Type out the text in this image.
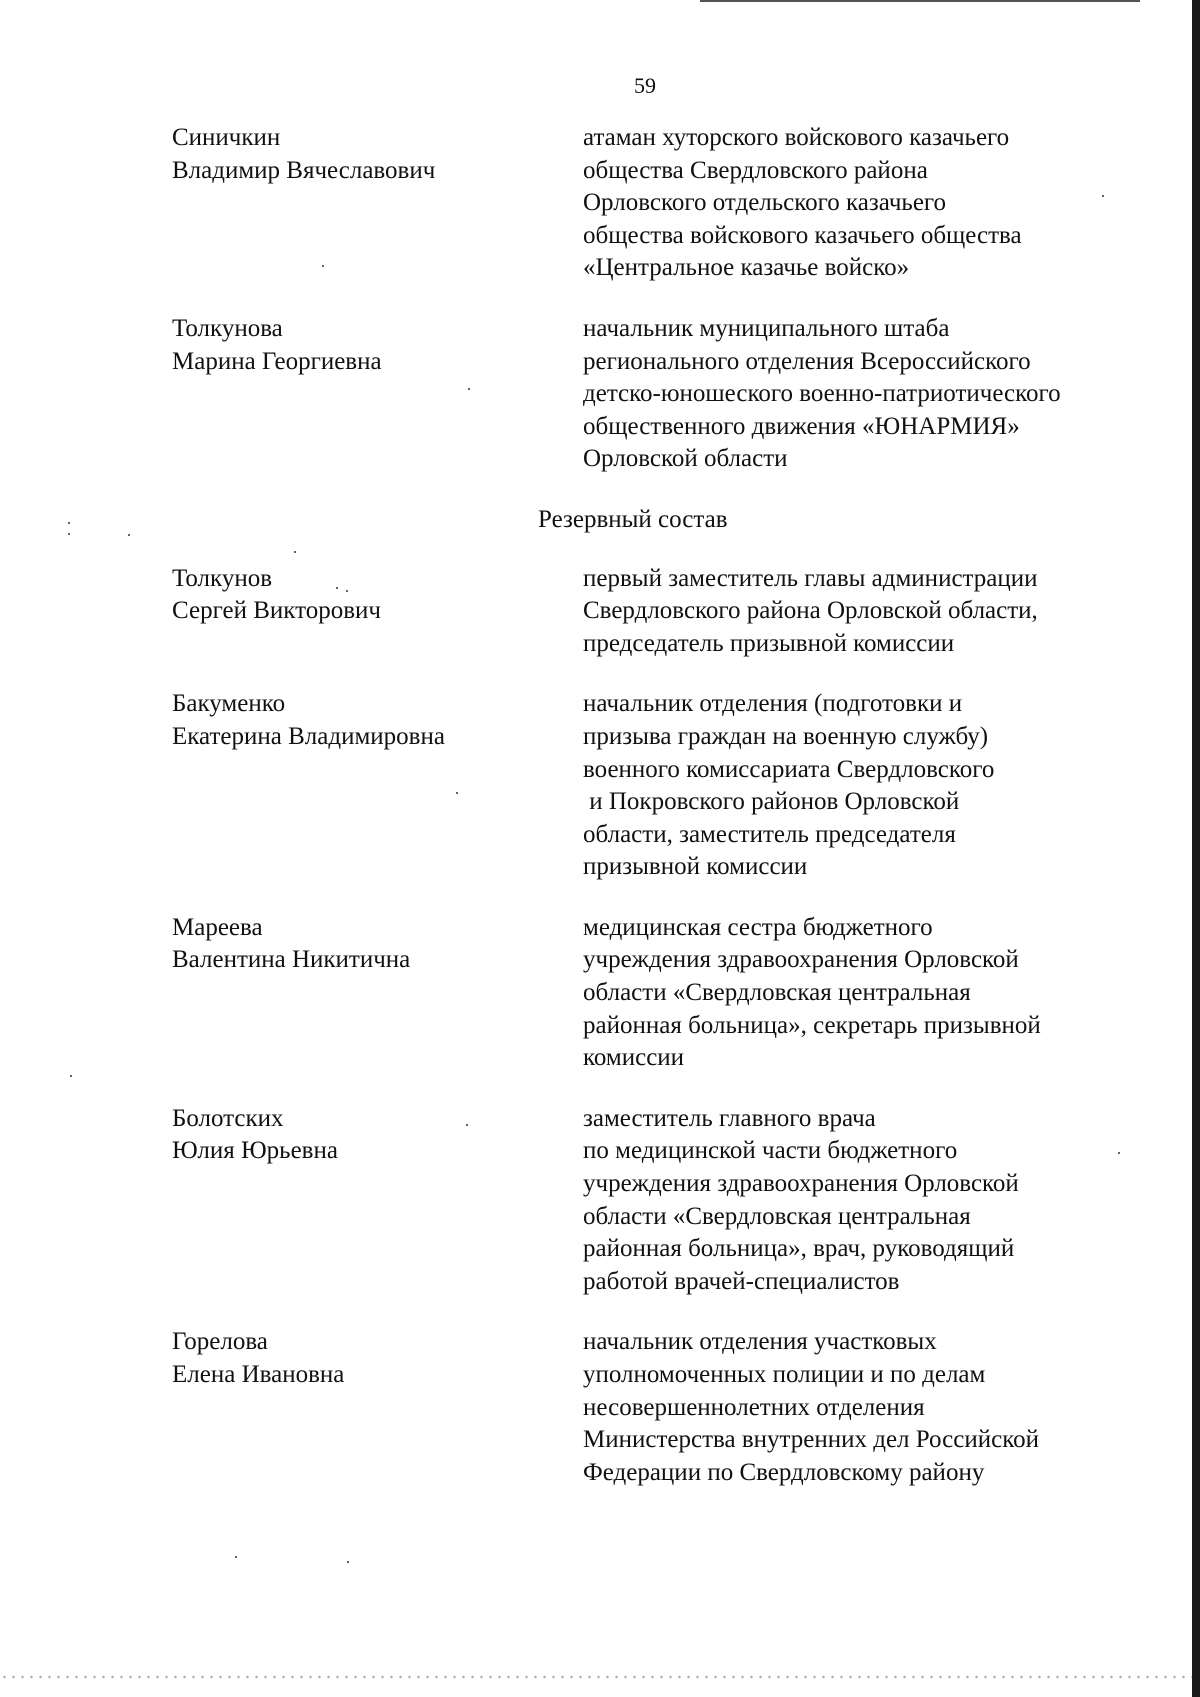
59
Синичкин
Владимир Вячеславович
атаман хуторского войскового казачьего
общества Свердловского района
Орловского отдельского казачьего
общества войскового казачьего общества
«Центральное казачье войско»
Толкунова
Марина Георгиевна
начальник муниципального штаба
регионального отделения Всероссийского
детско-юношеского военно-патриотического
общественного движения «ЮНАРМИЯ»
Орловской области
Резервный состав
Толкунов
Сергей Викторович
первый заместитель главы администрации
Свердловского района Орловской области,
председатель призывной комиссии
Бакуменко
Екатерина Владимировна
начальник отделения (подготовки и
призыва граждан на военную службу)
военного комиссариата Свердловского
и Покровского районов Орловской
области, заместитель председателя
призывной комиссии
Мареева
Валентина Никитична
медицинская сестра бюджетного
учреждения здравоохранения Орловской
области «Свердловская центральная
районная больница», секретарь призывной
комиссии
Болотских
Юлия Юрьевна
заместитель главного врача
по медицинской части бюджетного
учреждения здравоохранения Орловской
области «Свердловская центральная
районная больница», врач, руководящий
работой врачей-специалистов
Горелова
Елена Ивановна
начальник отделения участковых
уполномоченных полиции и по делам
несовершеннолетних отделения
Министерства внутренних дел Российской
Федерации по Свердловскому району
